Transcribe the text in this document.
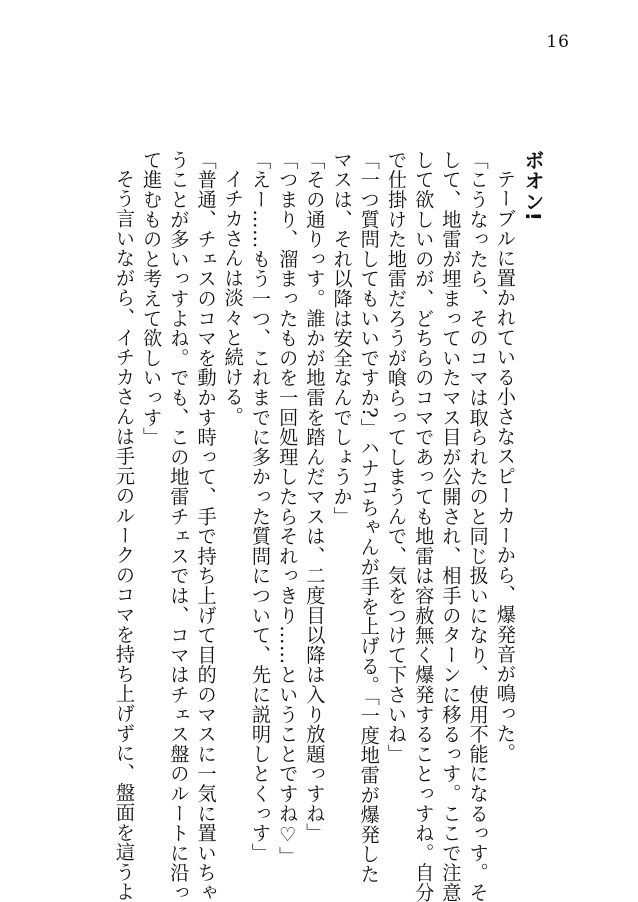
16

ボオン!

テーブルに置かれている小さなスピーカーから、爆発音が鳴った。

「こうなったら、そのコマは取られたのと同じ扱いになり、使用不能になるっす。そ

して、地雷が埋まっていたマス目が公開され、相手のターンに移るっす。ここで注意

して欲しいのが、どちらのコマであっても地雷は容赦無く爆発することっすね。自分

で仕掛けた地雷だろうが喰らってしまうんで、気をつけて下さいね」

「一つ質問してもいいですか?」ハナコちゃんが手を上げる。「一度地雷が爆発した

マスは、それ以降は安全なんでしょうか」

「その通りっす。誰かが地雷を踏んだマスは、二度目以降は入り放題っすね」

「つまり、溜まったものを一回処理したらそれっきり……ということですね♡」

「えー……もう一つ、これまでに多かった質問について、先に説明しとくっす」

イチカさんは淡々と続ける。

「普通、チェスのコマを動かす時って、手で持ち上げて目的のマスに一気に置いちゃ

うことが多いっすよね。でも、この地雷チェスでは、コマはチェス盤のルートに沿っ

て進むものと考えて欲しいっす」

そう言いながら、イチカさんは手元のルークのコマを持ち上げずに、盤面を這うよ
